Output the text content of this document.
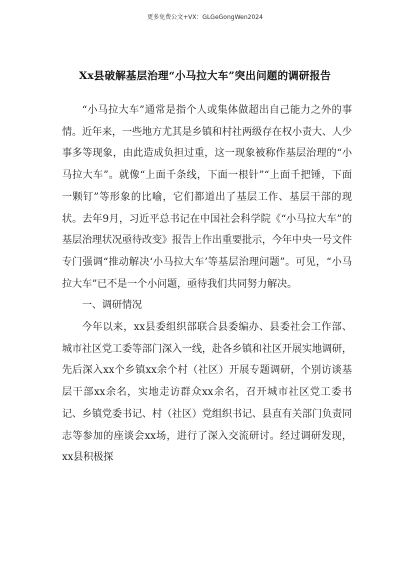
更多免费公文+VX：GLGeGongWen2024
Xx县破解基层治理“小马拉大车”突出问题的调研报告

“小马拉大车”通常是指个人或集体做超出自己能力之外的事情。近年来，一些地方尤其是乡镇和村社两级存在权小责大、人少事多等现象，由此造成负担过重，这一现象被称作基层治理的“小马拉大车”。就像“上面千条线，下面一根针”“上面千把锤，下面一颗钉”等形象的比喻，它们都道出了基层工作、基层干部的现状。去年9月，习近平总书记在中国社会科学院《“小马拉大车”的基层治理状况亟待改变》报告上作出重要批示，今年中央一号文件专门强调“推动解决‘小马拉大车’等基层治理问题”。可见，“小马拉大车”已不是一个小问题，亟待我们共同努力解决。

一、调研情况

今年以来，xx县委组织部联合县委编办、县委社会工作部、城市社区党工委等部门深入一线，赴各乡镇和社区开展实地调研，先后深入xx个乡镇xx余个村（社区）开展专题调研，个别访谈基层干部xx余名，实地走访群众xx余名，召开城市社区党工委书记、乡镇党委书记、村（社区）党组织书记、县直有关部门负责同志等参加的座谈会xx场，进行了深入交流研讨。经过调研发现，xx县积极探
